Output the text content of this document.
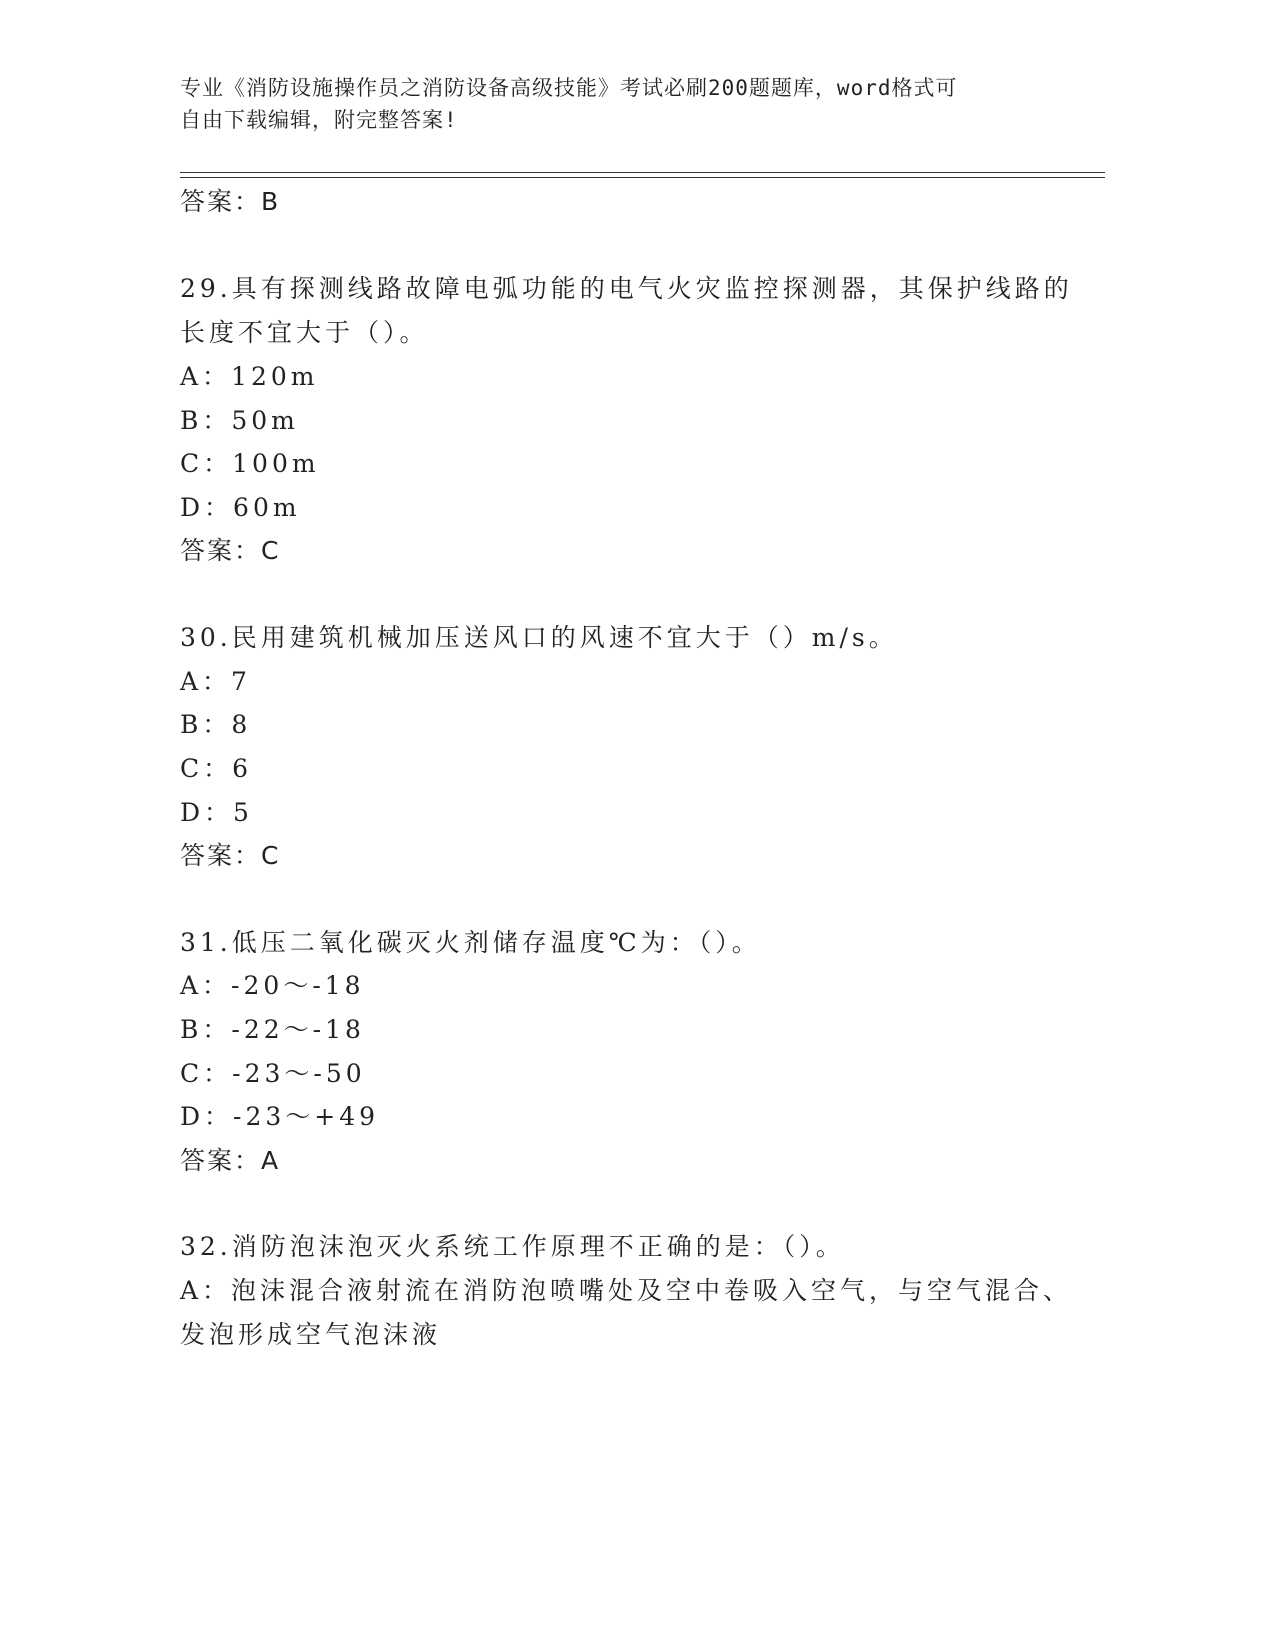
专业《消防设施操作员之消防设备高级技能》考试必刷200题题库，word格式可
自由下载编辑，附完整答案!
答案：B
29.具有探测线路故障电弧功能的电气火灾监控探测器，其保护线路的
长度不宜大于（）。
A：120m
B：50m
C：100m
D：60m
答案：C
30.民用建筑机械加压送风口的风速不宜大于（）m/s。
A：7
B：8
C：6
D：5
答案：C
31.低压二氧化碳灭火剂储存温度℃为：（）。
A：-20～-18
B：-22～-18
C：-23～-50
D：-23～+49
答案：A
32.消防泡沫泡灭火系统工作原理不正确的是：（）。
A：泡沫混合液射流在消防泡喷嘴处及空中卷吸入空气，与空气混合、
发泡形成空气泡沫液
